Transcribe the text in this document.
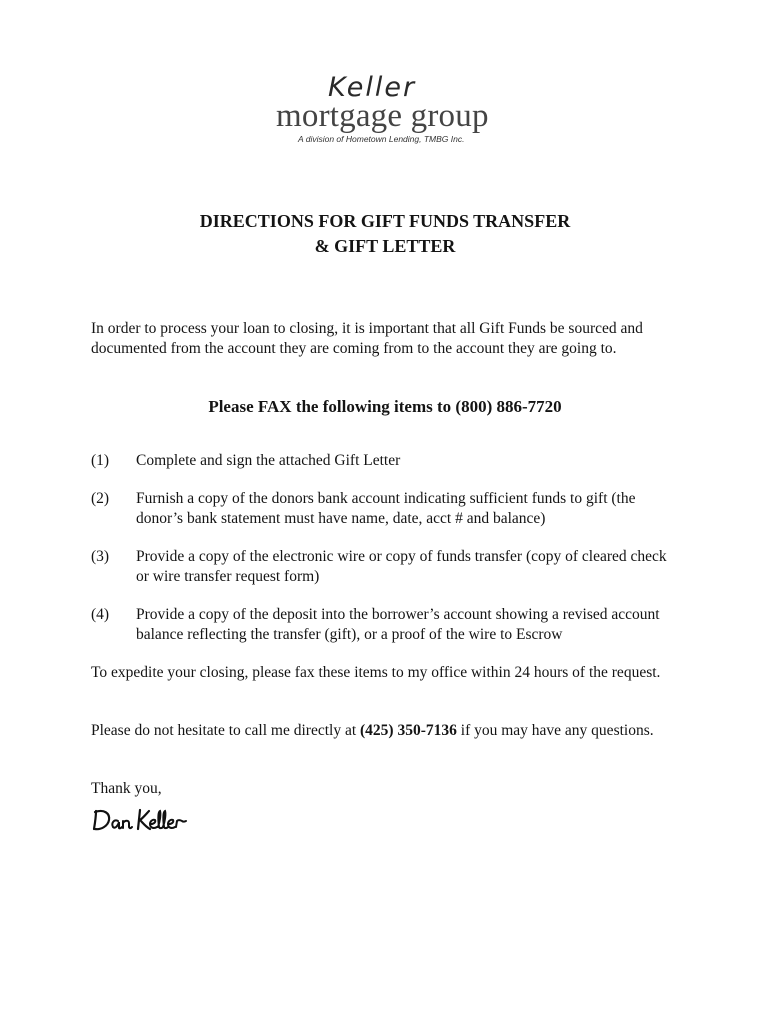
Keller
mortgage group
A division of Hometown Lending, TMBG Inc.
DIRECTIONS FOR GIFT FUNDS TRANSFER
& GIFT LETTER
In order to process your loan to closing, it is important that all Gift Funds be sourced and documented from the account they are coming from to the account they are going to.
Please FAX the following items to (800) 886-7720
(1) Complete and sign the attached Gift Letter
(2) Furnish a copy of the donors bank account indicating sufficient funds to gift (the donor’s bank statement must have name, date, acct # and balance)
(3) Provide a copy of the electronic wire or copy of funds transfer (copy of cleared check or wire transfer request form)
(4) Provide a copy of the deposit into the borrower’s account showing a revised account balance reflecting the transfer (gift), or a proof of the wire to Escrow
To expedite your closing, please fax these items to my office within 24 hours of the request.
Please do not hesitate to call me directly at (425) 350-7136 if you may have any questions.
Thank you,
